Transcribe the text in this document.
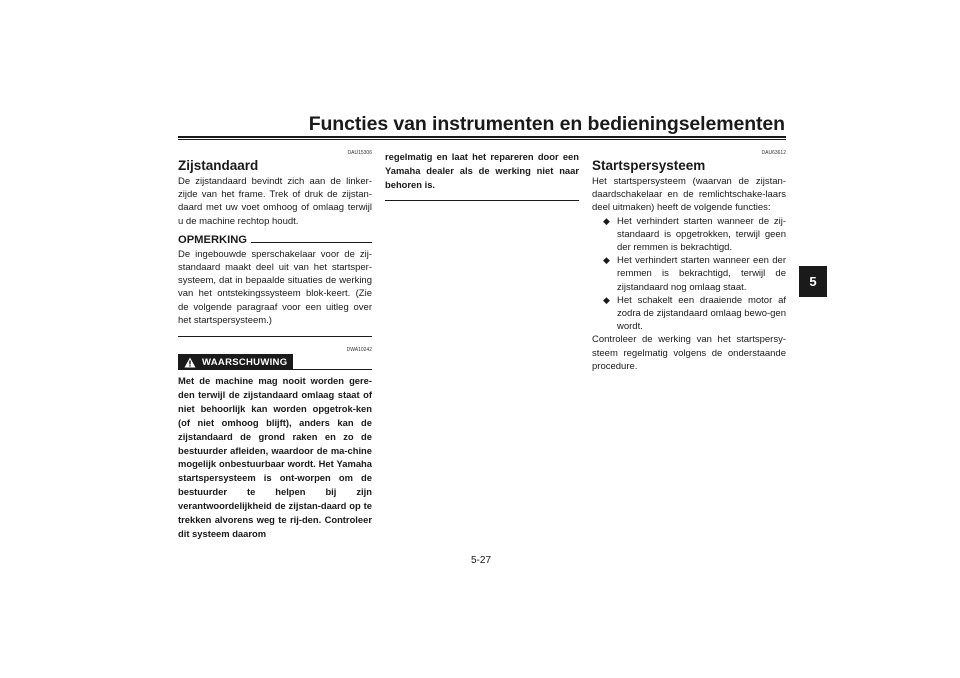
Functies van instrumenten en bedieningselementen
5
DAU15306
Zijstandaard

De zijstandaard bevindt zich aan de linker-zijde van het frame. Trek of druk de zijstan-daard met uw voet omhoog of omlaag terwijl u de machine rechtop houdt.

OPMERKING

De ingebouwde sperschakelaar voor de zij-standaard maakt deel uit van het startsper-systeem, dat in bepaalde situaties de werking van het ontstekingssysteem blok-keert. (Zie de volgende paragraaf voor een uitleg over het startspersysteem.)

DWA10242
WAARSCHUWING

Met de machine mag nooit worden gere-den terwijl de zijstandaard omlaag staat of niet behoorlijk kan worden opgetrok-ken (of niet omhoog blijft), anders kan de zijstandaard de grond raken en zo de bestuurder afleiden, waardoor de ma-chine mogelijk onbestuurbaar wordt. Het Yamaha startspersysteem is ont-worpen om de bestuurder te helpen bij zijn verantwoordelijkheid de zijstan-daard op te trekken alvorens weg te rij-den. Controleer dit systeem daarom

regelmatig en laat het repareren door een Yamaha dealer als de werking niet naar behoren is.

DAU63612
Startspersysteem

Het startspersysteem (waarvan de zijstan-daardschakelaar en de remlichtschake-laars deel uitmaken) heeft de volgende functies:

◆ Het verhindert starten wanneer de zij-standaard is opgetrokken, terwijl geen der remmen is bekrachtigd.
◆ Het verhindert starten wanneer een der remmen is bekrachtigd, terwijl de zijstandaard nog omlaag staat.
◆ Het schakelt een draaiende motor af zodra de zijstandaard omlaag bewo-gen wordt.

Controleer de werking van het startspersy-steem regelmatig volgens de onderstaande procedure.

5-27
